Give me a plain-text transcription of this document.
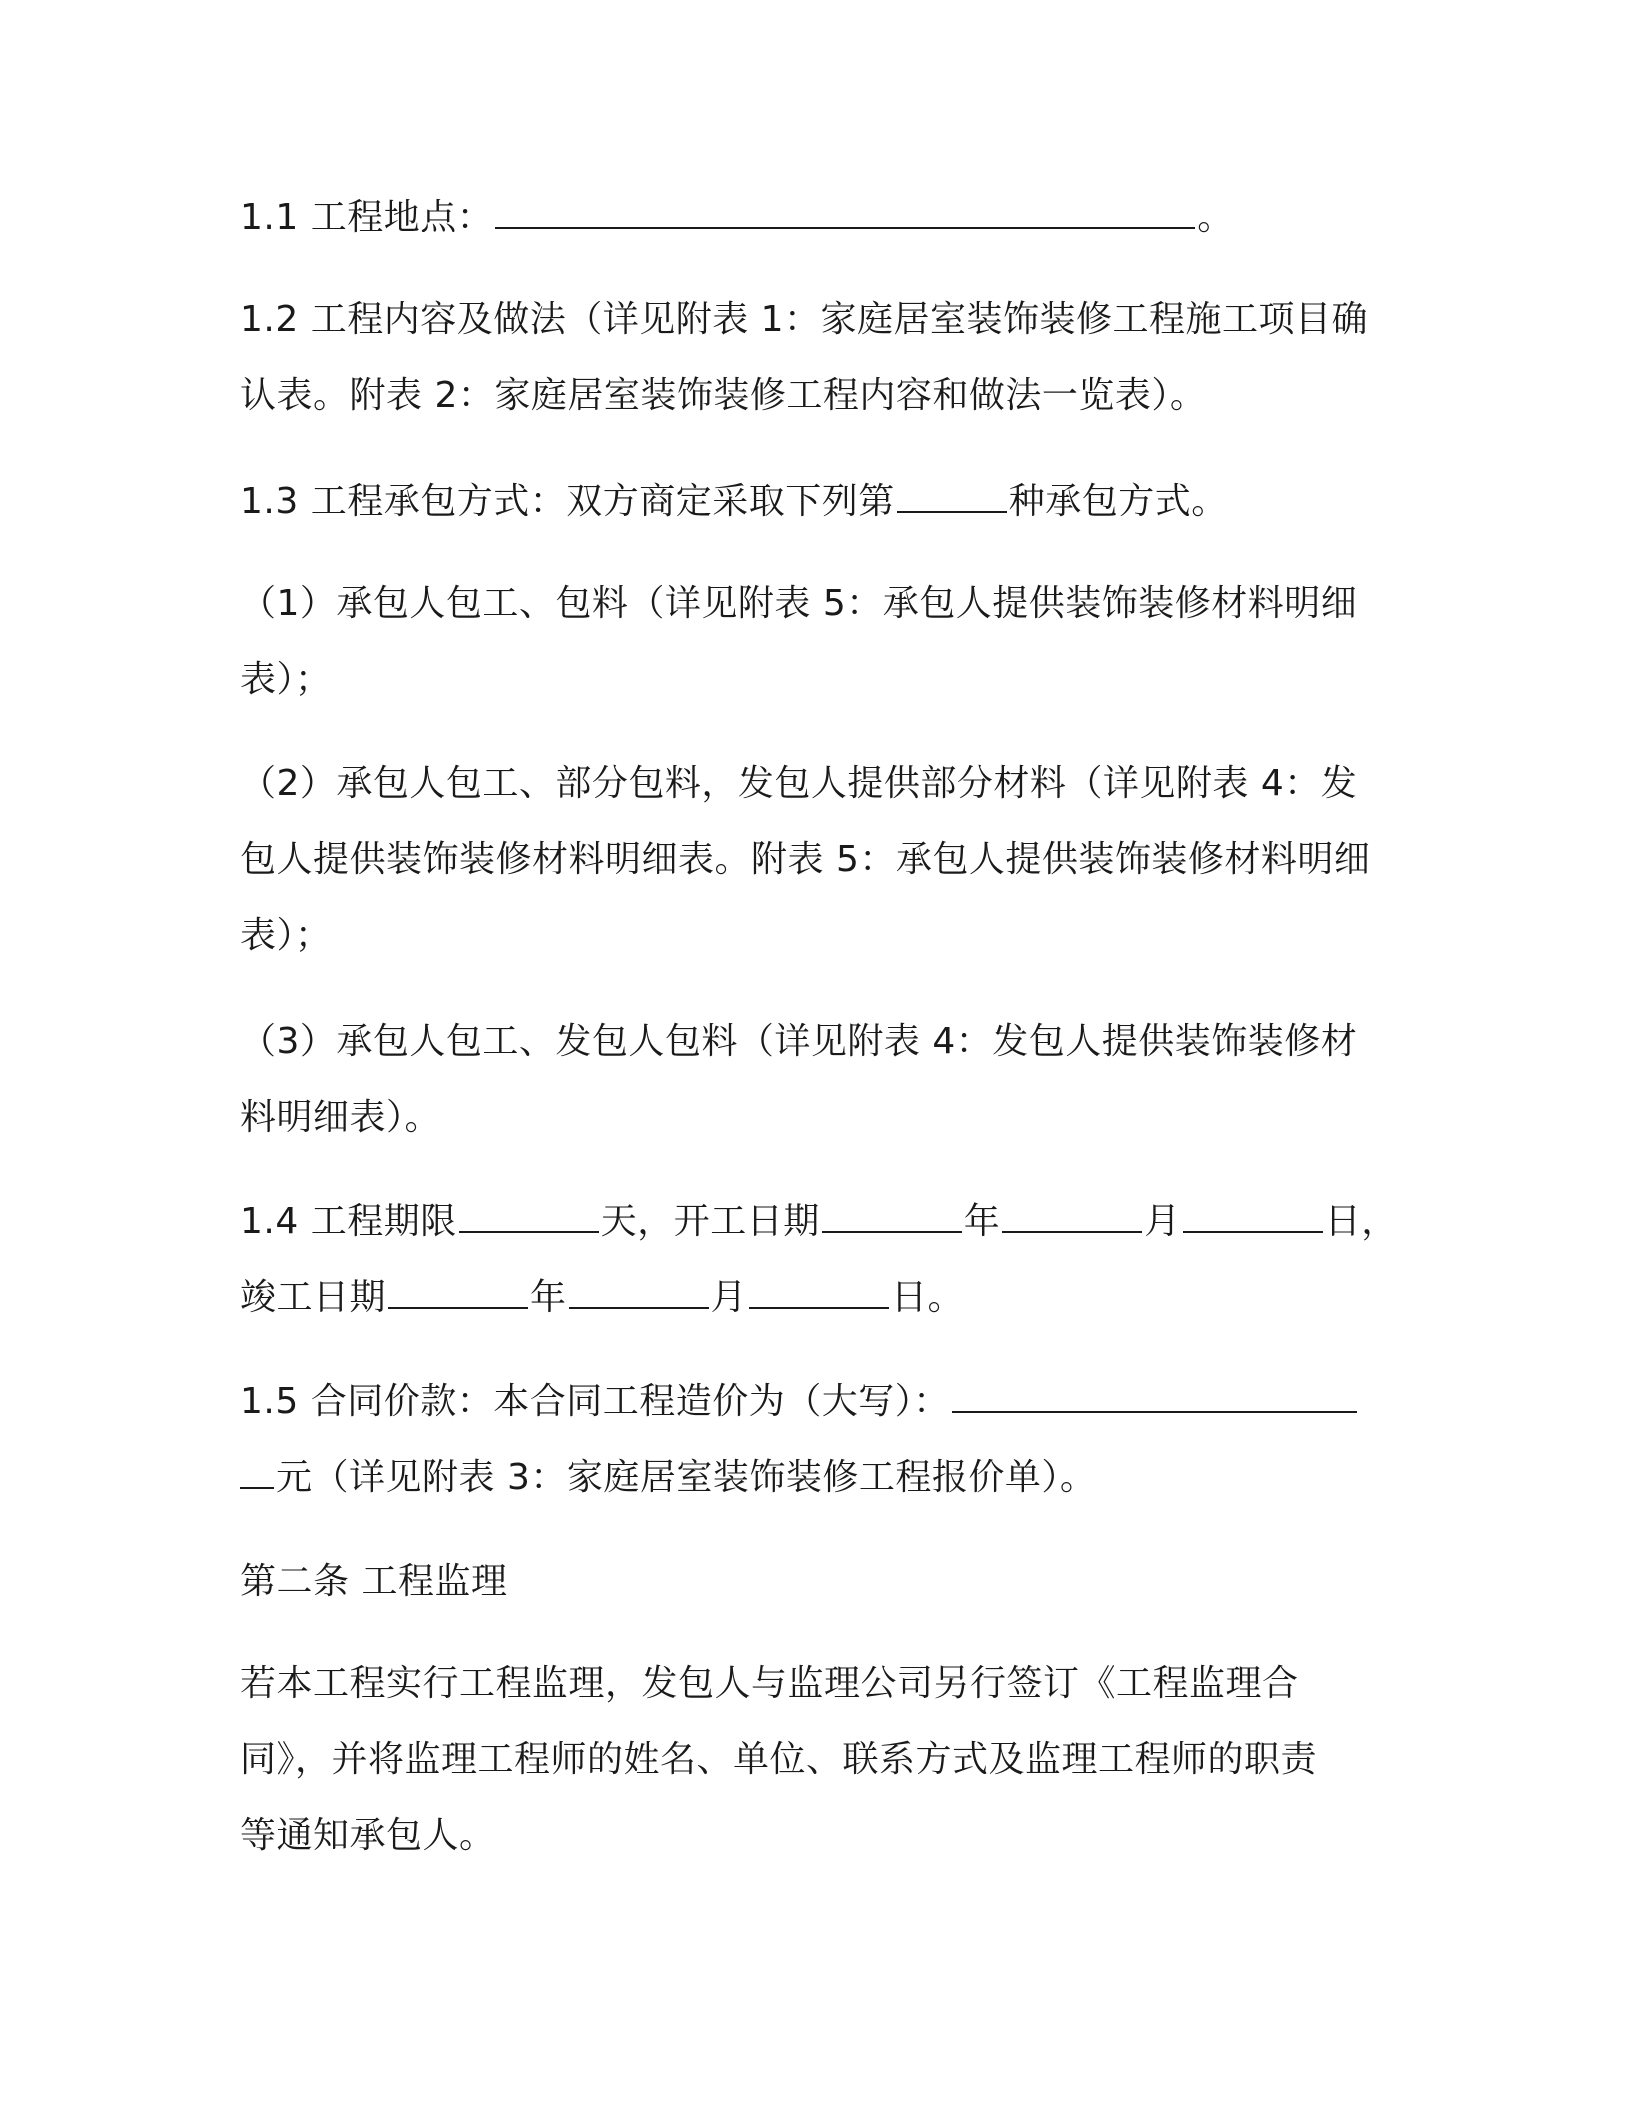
1.1 工程地点：	。
1.2 工程内容及做法（详见附表 1：家庭居室装饰装修工程施工项目确
认表。附表 2：家庭居室装饰装修工程内容和做法一览表）。
1.3 工程承包方式：双方商定采取下列第	种承包方式。
（1）承包人包工、包料（详见附表 5：承包人提供装饰装修材料明细
表）；
（2）承包人包工、部分包料，发包人提供部分材料（详见附表 4：发
包人提供装饰装修材料明细表。附表 5：承包人提供装饰装修材料明细
表）；
（3）承包人包工、发包人包料（详见附表 4：发包人提供装饰装修材
料明细表）。
1.4 工程期限	天，开工日期	年	月	日，
竣工日期	年	月	日。
1.5 合同价款：本合同工程造价为（大写）：
元（详见附表 3：家庭居室装饰装修工程报价单）。
第二条 工程监理
若本工程实行工程监理，发包人与监理公司另行签订《工程监理合
同》，并将监理工程师的姓名、单位、联系方式及监理工程师的职责
等通知承包人。
